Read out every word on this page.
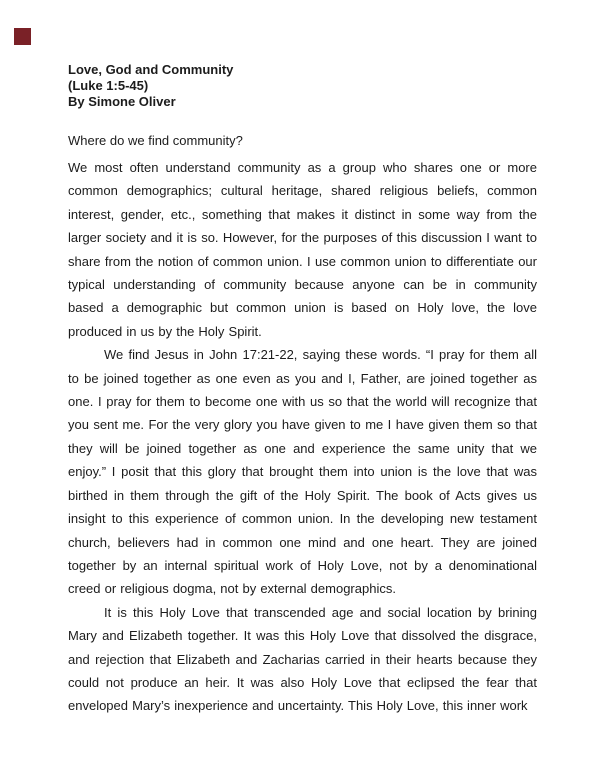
Love, God and Community
(Luke 1:5-45)
By Simone Oliver

Where do we find community?

We most often understand community as a group who shares one or more common demographics; cultural heritage, shared religious beliefs, common interest, gender, etc., something that makes it distinct in some way from the larger society and it is so. However, for the purposes of this discussion I want to share from the notion of common union. I use common union to differentiate our typical understanding of community because anyone can be in community based a demographic but common union is based on Holy love, the love produced in us by the Holy Spirit.

We find Jesus in John 17:21-22, saying these words. “I pray for them all to be joined together as one even as you and I, Father, are joined together as one. I pray for them to become one with us so that the world will recognize that you sent me. For the very glory you have given to me I have given them so that they will be joined together as one and experience the same unity that we enjoy.” I posit that this glory that brought them into union is the love that was birthed in them through the gift of the Holy Spirit. The book of Acts gives us insight to this experience of common union. In the developing new testament church, believers had in common one mind and one heart. They are joined together by an internal spiritual work of Holy Love, not by a denominational creed or religious dogma, not by external demographics.

It is this Holy Love that transcended age and social location by brining Mary and Elizabeth together. It was this Holy Love that dissolved the disgrace, and rejection that Elizabeth and Zacharias carried in their hearts because they could not produce an heir. It was also Holy Love that eclipsed the fear that enveloped Mary’s inexperience and uncertainty. This Holy Love, this inner work
